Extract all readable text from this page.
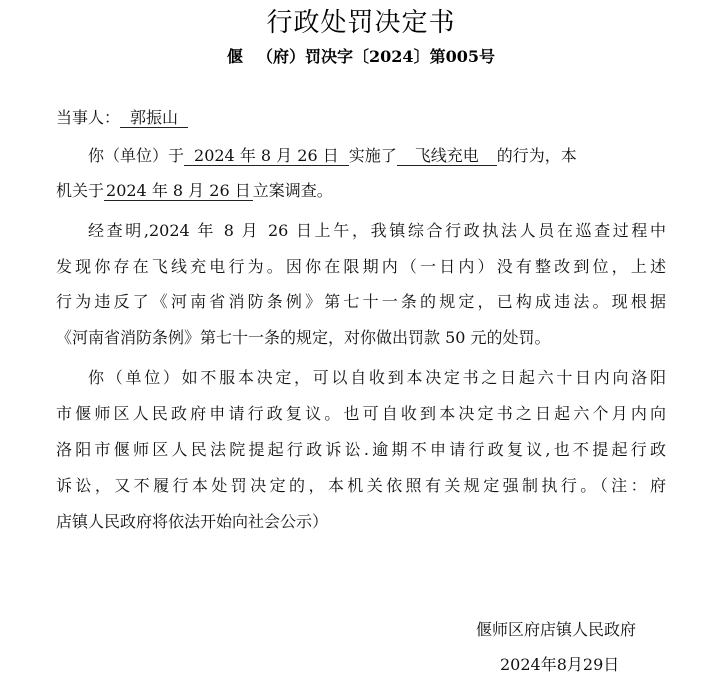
行政处罚决定书
偃 （府）罚决字〔2024〕第005号
当事人： 郭振山
你（单位）于 2024 年 8 月 26 日 实施了 飞线充电 的行为，本
机关于 2024 年 8 月 26 日 立案调查。
经查明,2024 年 8 月 26 日上午，我镇综合行政执法人员在巡查过程中
发现你存在飞线充电行为。因你在限期内（一日内）没有整改到位，上述
行为违反了《河南省消防条例》第七十一条的规定，已构成违法。现根据
《河南省消防条例》第七十一条的规定，对你做出罚款 50 元的处罚。
你（单位）如不服本决定，可以自收到本决定书之日起六十日内向洛阳
市偃师区人民政府申请行政复议。也可自收到本决定书之日起六个月内向
洛阳市偃师区人民法院提起行政诉讼.逾期不申请行政复议,也不提起行政
诉讼，又不履行本处罚决定的，本机关依照有关规定强制执行。（注：府
店镇人民政府将依法开始向社会公示）
偃师区府店镇人民政府
2024年8月29日
